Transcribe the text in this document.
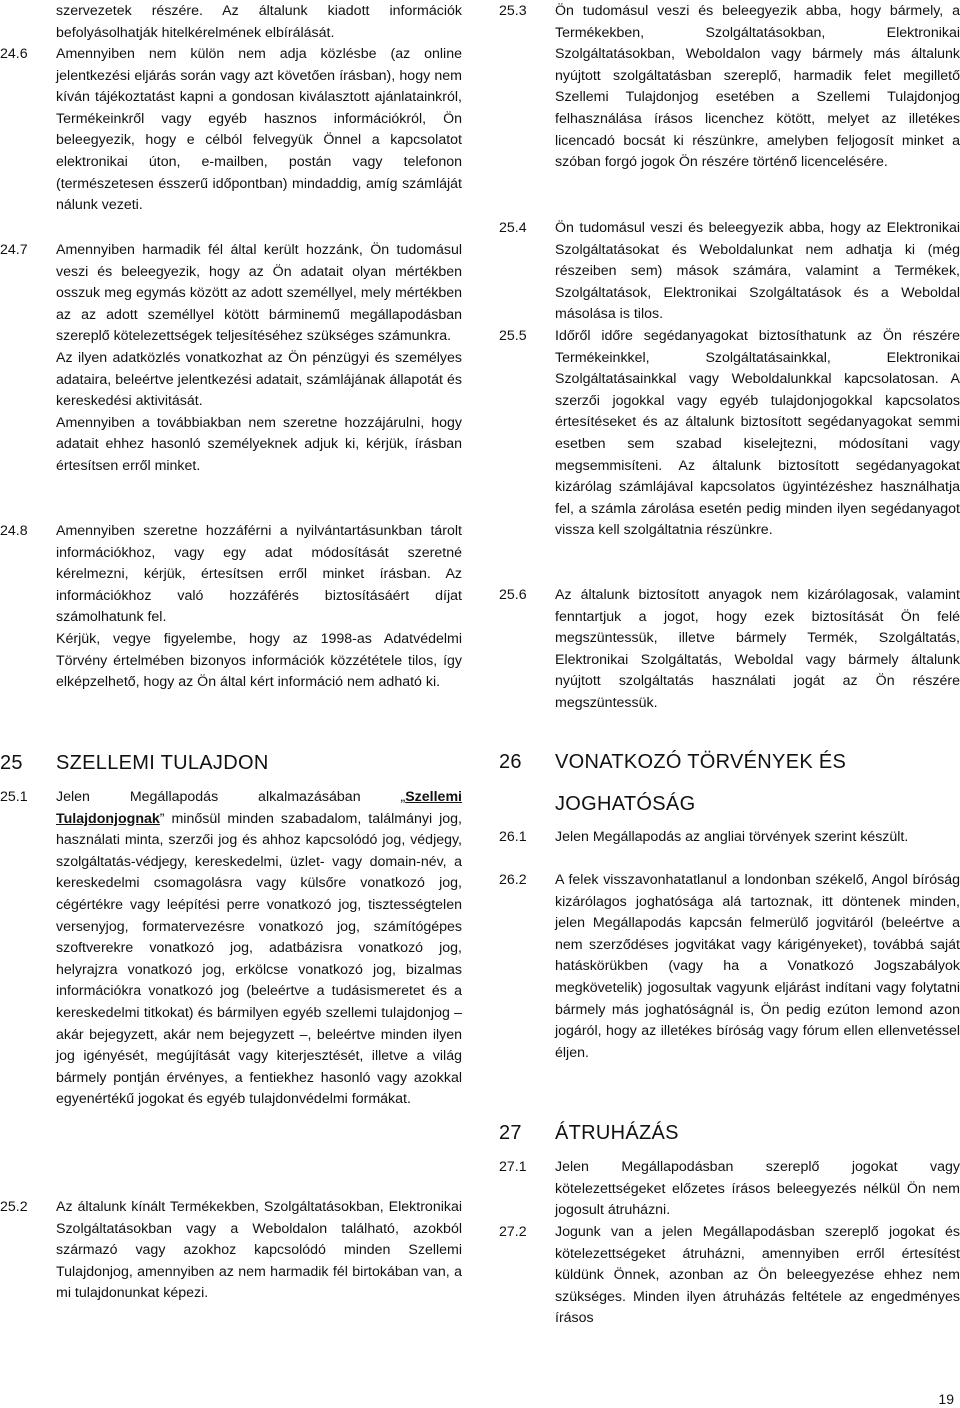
szervezetek részére. Az általunk kiadott információk befolyásolhatják hitelkérelmének elbírálását.
24.6 Amennyiben nem külön nem adja közlésbe (az online jelentkezési eljárás során vagy azt követően írásban), hogy nem kíván tájékoztatást kapni a gondosan kiválasztott ajánlatainkról, Termékeinkről vagy egyéb hasznos információkról, Ön beleegyezik, hogy e célból felvegyük Önnel a kapcsolatot elektronikai úton, e-mailben, postán vagy telefonon (természetesen ésszerű időpontban) mindaddig, amíg számláját nálunk vezeti.
24.7 Amennyiben harmadik fél által került hozzánk, Ön tudomásul veszi és beleegyezik, hogy az Ön adatait olyan mértékben osszuk meg egymás között az adott személlyel, mely mértékben az az adott személlyel kötött bárminemű megállapodásban szereplő kötelezettségek teljesítéséhez szükséges számunkra.
Az ilyen adatközlés vonatkozhat az Ön pénzügyi és személyes adataira, beleértve jelentkezési adatait, számlájának állapotát és kereskedési aktivitását.
Amennyiben a továbbiakban nem szeretne hozzájárulni, hogy adatait ehhez hasonló személyeknek adjuk ki, kérjük, írásban értesítsen erről minket.
24.8 Amennyiben szeretne hozzáférni a nyilvántartásunkban tárolt információkhoz, vagy egy adat módosítását szeretné kérelmezni, kérjük, értesítsen erről minket írásban. Az információkhoz való hozzáférés biztosításáért díjat számolhatunk fel.
Kérjük, vegye figyelembe, hogy az 1998-as Adatvédelmi Törvény értelmében bizonyos információk közzététele tilos, így elképzelhető, hogy az Ön által kért információ nem adható ki.
25 SZELLEMI TULAJDON
25.1 Jelen Megállapodás alkalmazásában „Szellemi Tulajdonjognak” minősül minden szabadalom, találmányi jog, használati minta, szerzői jog és ahhoz kapcsolódó jog, védjegy, szolgáltatás-védjegy, kereskedelmi, üzlet- vagy domain-név, a kereskedelmi csomagolásra vagy külsőre vonatkozó jog, cégértékre vagy leépítési perre vonatkozó jog, tisztességtelen versenyjog, formatervezésre vonatkozó jog, számítógépes szoftverekre vonatkozó jog, adatbázisra vonatkozó jog, helyrajzra vonatkozó jog, erkölcse vonatkozó jog, bizalmas információkra vonatkozó jog (beleértve a tudásismeretet és a kereskedelmi titkokat) és bármilyen egyéb szellemi tulajdonjog – akár bejegyzett, akár nem bejegyzett –, beleértve minden ilyen jog igényését, megújítását vagy kiterjesztését, illetve a világ bármely pontján érvényes, a fentiekhez hasonló vagy azokkal egyenértékű jogokat és egyéb tulajdonvédelmi formákat.
25.2 Az általunk kínált Termékekben, Szolgáltatásokban, Elektronikai Szolgáltatásokban vagy a Weboldalon található, azokból származó vagy azokhoz kapcsolódó minden Szellemi Tulajdonjog, amennyiben az nem harmadik fél birtokában van, a mi tulajdonunkat képezi.
25.3 Ön tudomásul veszi és beleegyezik abba, hogy bármely, a Termékekben, Szolgáltatásokban, Elektronikai Szolgáltatásokban, Weboldalon vagy bármely más általunk nyújtott szolgáltatásban szereplő, harmadik felet megillető Szellemi Tulajdonjog esetében a Szellemi Tulajdonjog felhasználása írásos licenchez kötött, melyet az illetékes licencadó bocsát ki részünkre, amelyben feljogosít minket a szóban forgó jogok Ön részére történő licencelésére.
25.4 Ön tudomásul veszi és beleegyezik abba, hogy az Elektronikai Szolgáltatásokat és Weboldalunkat nem adhatja ki (még részeiben sem) mások számára, valamint a Termékek, Szolgáltatások, Elektronikai Szolgáltatások és a Weboldal másolása is tilos.
25.5 Időről időre segédanyagokat biztosíthatunk az Ön részére Termékeinkkel, Szolgáltatásainkkal, Elektronikai Szolgáltatásainkkal vagy Weboldalunkkal kapcsolatosan. A szerzői jogokkal vagy egyéb tulajdonjogokkal kapcsolatos értesítéseket és az általunk biztosított segédanyagokat semmi esetben sem szabad kiselejtezni, módosítani vagy megsemmisíteni. Az általunk biztosított segédanyagokat kizárólag számlájával kapcsolatos ügyintézéshez használhatja fel, a számla zárolása esetén pedig minden ilyen segédanyagot vissza kell szolgáltatnia részünkre.
25.6 Az általunk biztosított anyagok nem kizárólagosak, valamint fenntartjuk a jogot, hogy ezek biztosítását Ön felé megszüntessük, illetve bármely Termék, Szolgáltatás, Elektronikai Szolgáltatás, Weboldal vagy bármely általunk nyújtott szolgáltatás használati jogát az Ön részére megszüntessük.
26 VONATKOZÓ TÖRVÉNYEK ÉS JOGHATÓSÁG
26.1 Jelen Megállapodás az angliai törvények szerint készült.
26.2 A felek visszavonhatatlanul a londonban székelő, Angol bíróság kizárólagos joghatósága alá tartoznak, itt döntenek minden, jelen Megállapodás kapcsán felmerülő jogvitáról (beleértve a nem szerződéses jogvitákat vagy kárigényeket), továbbá saját hatáskörükben (vagy ha a Vonatkozó Jogszabályok megkövetelik) jogosultak vagyunk eljárást indítani vagy folytatni bármely más joghatóságnál is, Ön pedig ezúton lemond azon jogáról, hogy az illetékes bíróság vagy fórum ellen ellenvetéssel éljen.
27 ÁTRUHÁZÁS
27.1 Jelen Megállapodásban szereplő jogokat vagy kötelezettségeket előzetes írásos beleegyezés nélkül Ön nem jogosult átruházni.
27.2 Jogunk van a jelen Megállapodásban szereplő jogokat és kötelezettségeket átruházni, amennyiben erről értesítést küldünk Önnek, azonban az Ön beleegyezése ehhez nem szükséges. Minden ilyen átruházás feltétele az engedményes írásos
19
